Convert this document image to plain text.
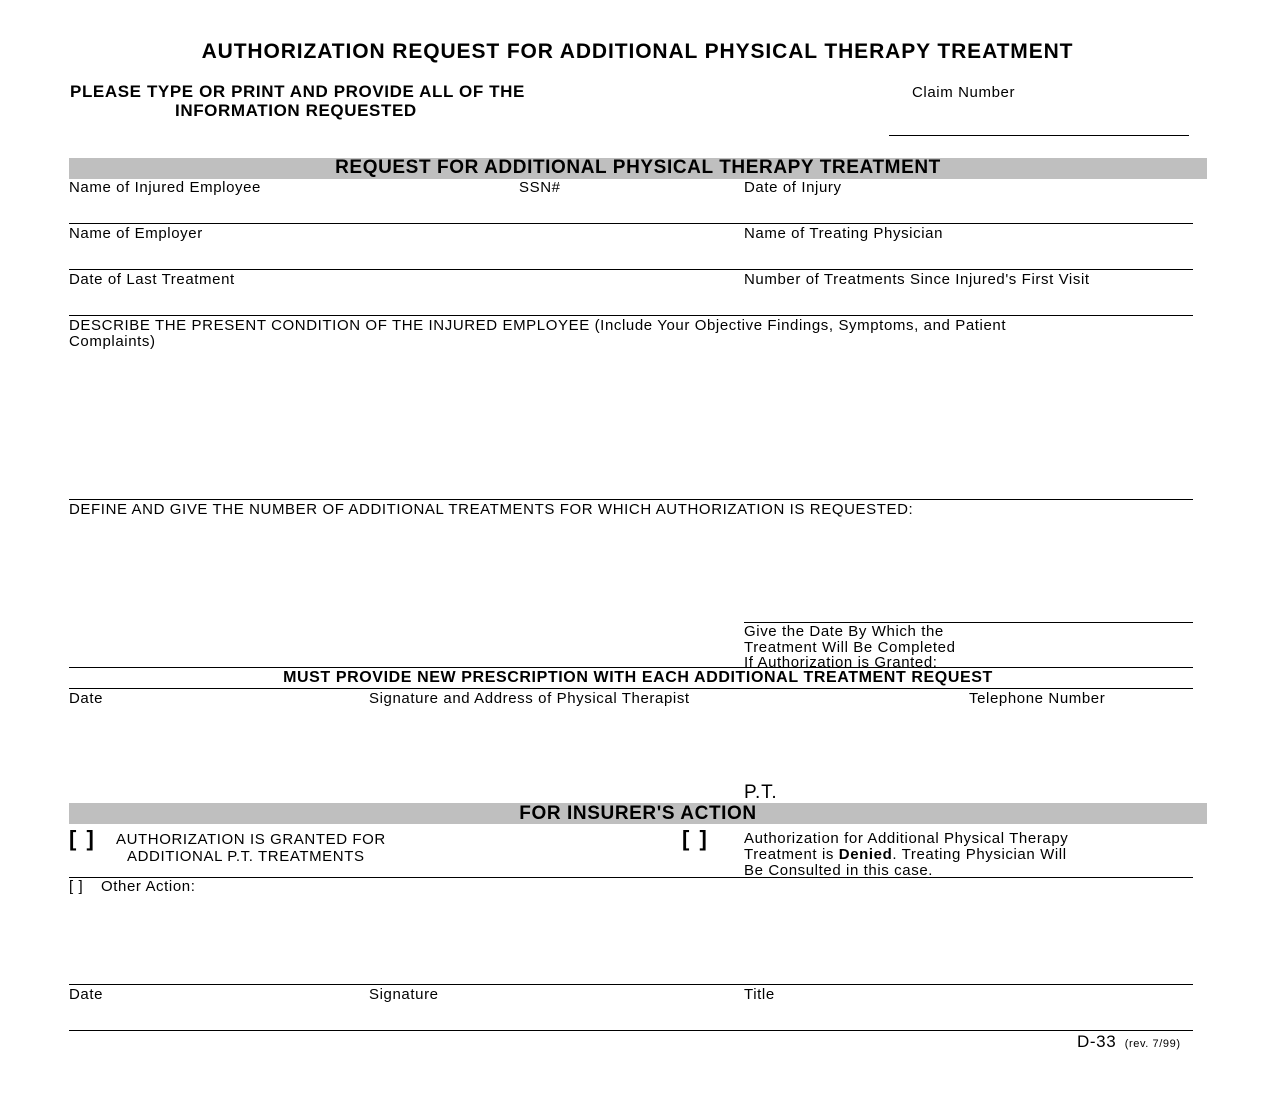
AUTHORIZATION REQUEST FOR ADDITIONAL PHYSICAL THERAPY TREATMENT
PLEASE TYPE OR PRINT AND PROVIDE ALL OF THE
INFORMATION REQUESTED
Claim Number
REQUEST FOR ADDITIONAL PHYSICAL THERAPY TREATMENT
Name of Injured Employee	SSN#	Date of Injury
Name of Employer	Name of Treating Physician
Date of Last Treatment	Number of Treatments Since Injured's First Visit
DESCRIBE THE PRESENT CONDITION OF THE INJURED EMPLOYEE (Include Your Objective Findings, Symptoms, and Patient
Complaints)
DEFINE AND GIVE THE NUMBER OF ADDITIONAL TREATMENTS FOR WHICH AUTHORIZATION IS REQUESTED:
Give the Date By Which the
Treatment Will Be Completed
If Authorization is Granted:
MUST PROVIDE NEW PRESCRIPTION WITH EACH ADDITIONAL TREATMENT REQUEST
Date	Signature and Address of Physical Therapist	Telephone Number
P.T.
FOR INSURER'S ACTION
[ ] AUTHORIZATION IS GRANTED FOR
ADDITIONAL P.T. TREATMENTS
[ ] Authorization for Additional Physical Therapy
Treatment is Denied. Treating Physician Will
Be Consulted in this case.
[ ] Other Action:
Date	Signature	Title
D-33 (rev. 7/99)
